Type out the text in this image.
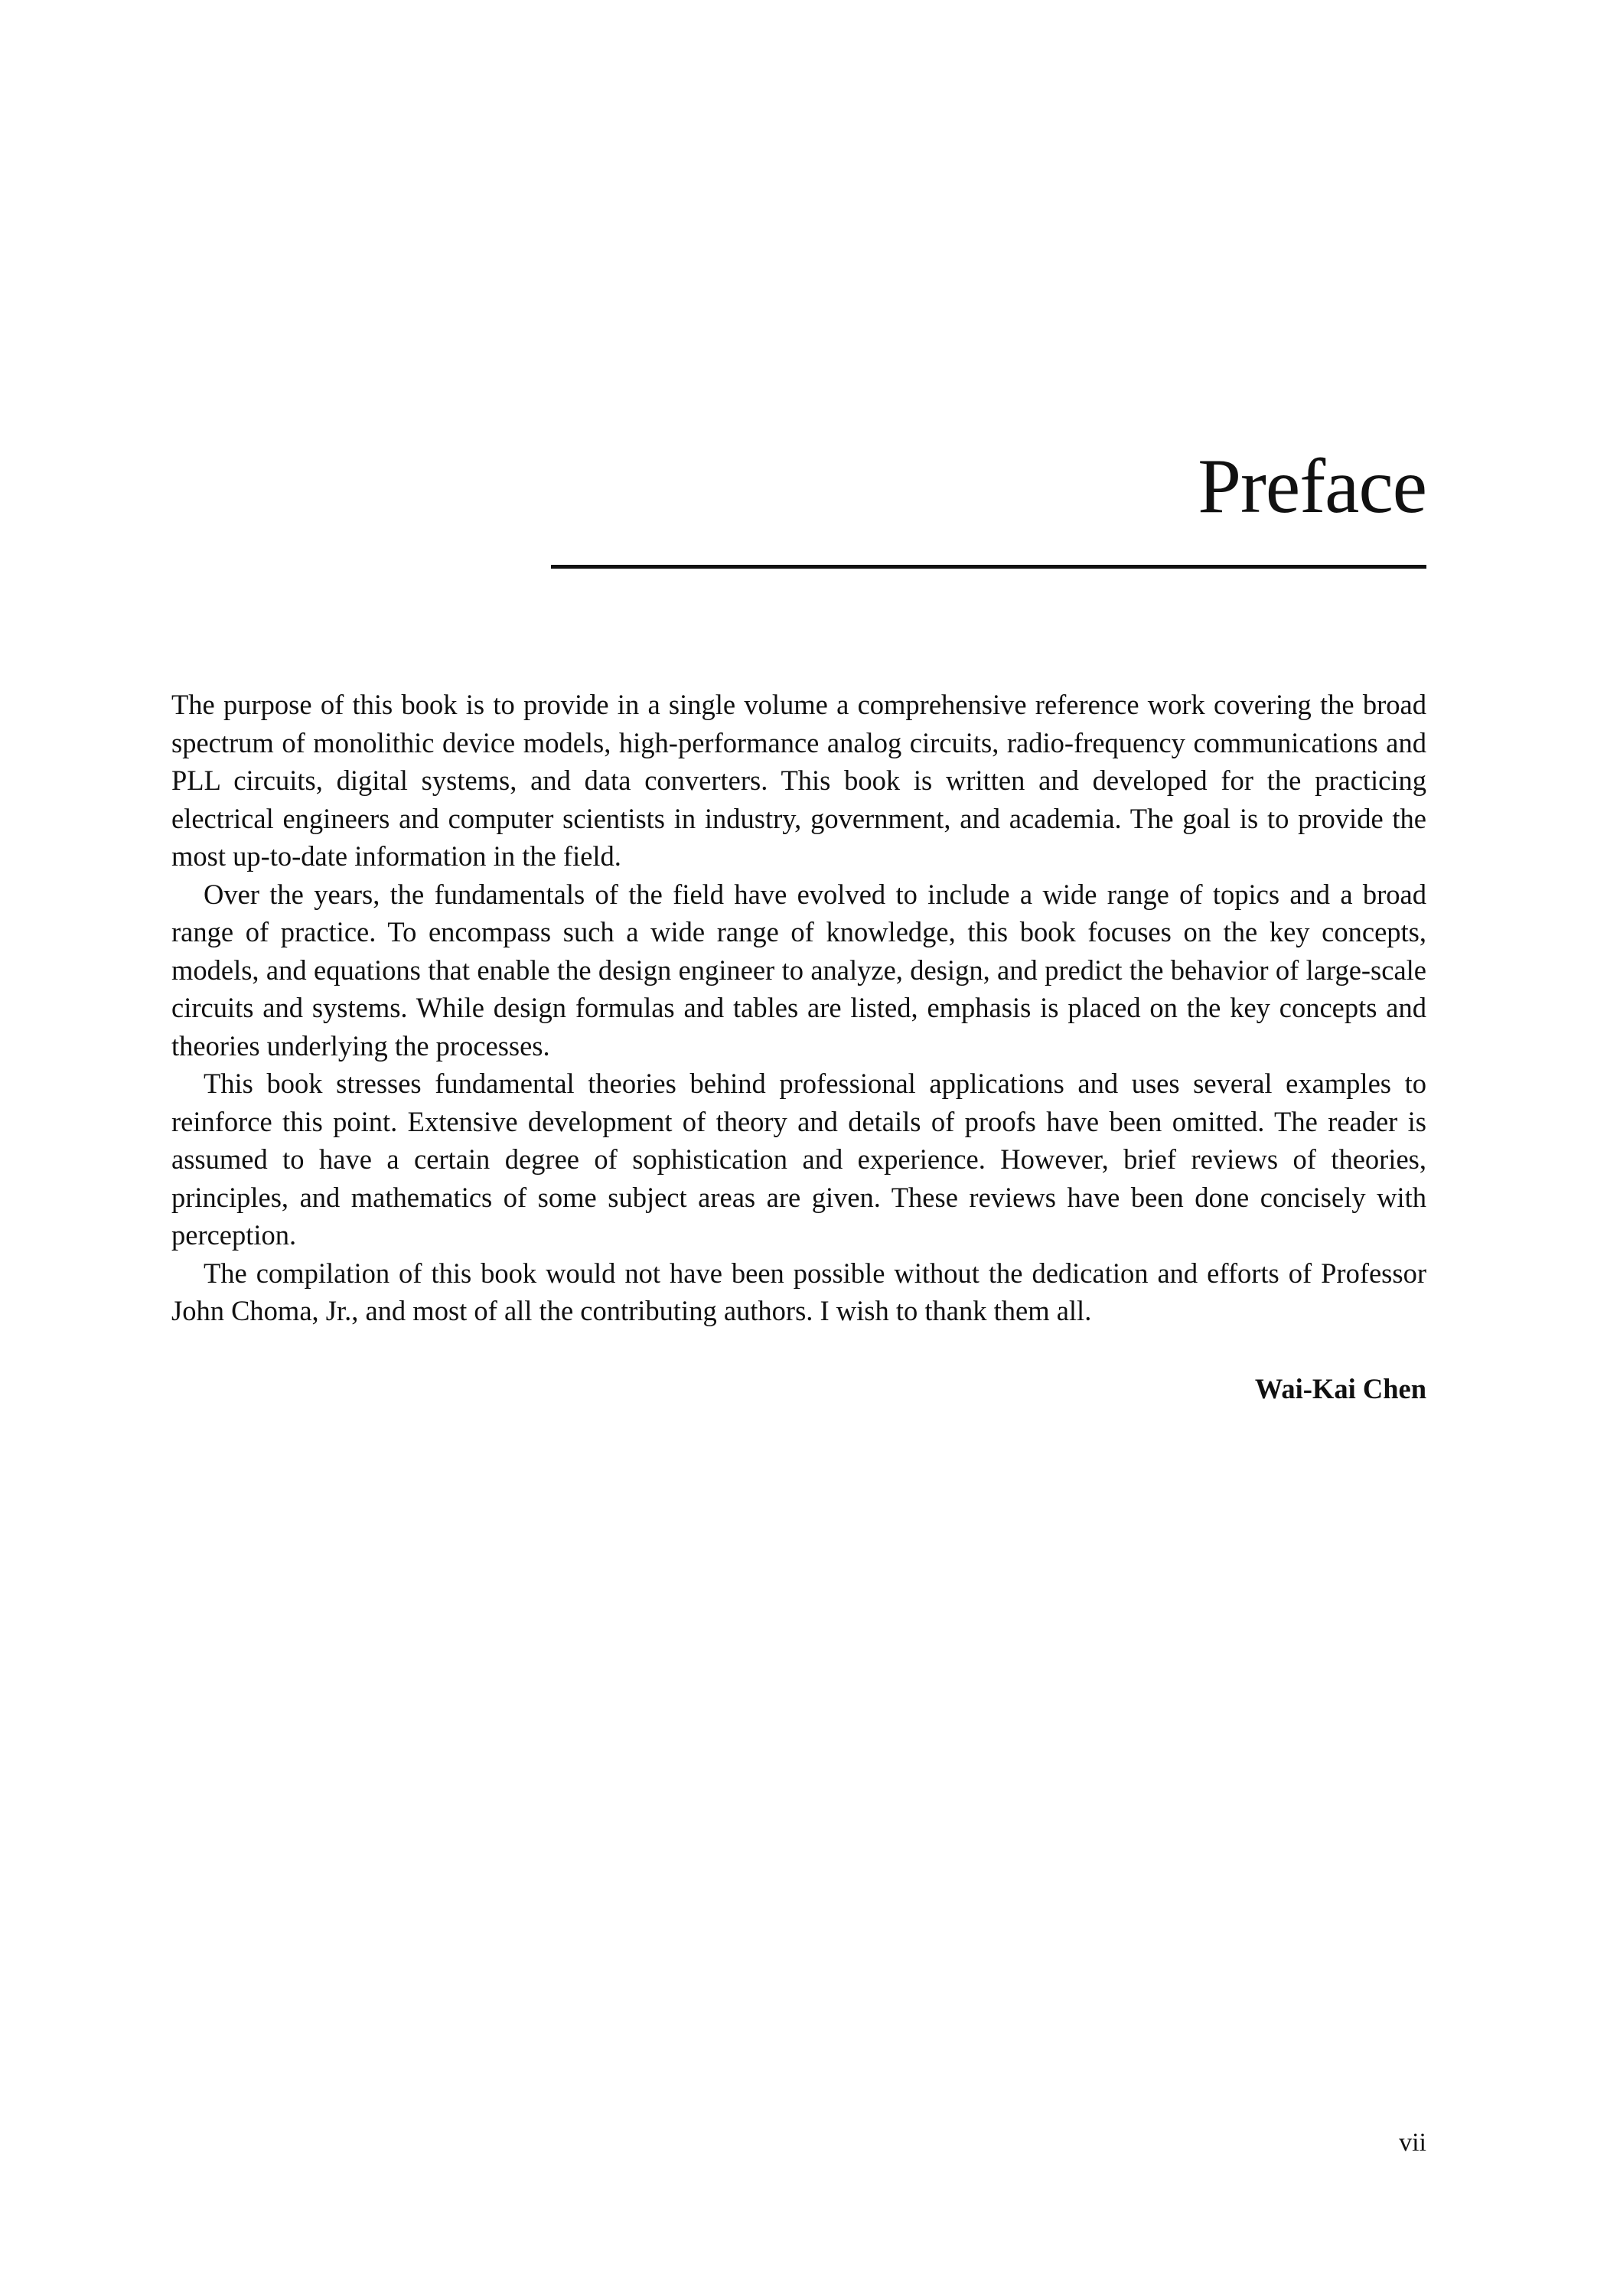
Preface

The purpose of this book is to provide in a single volume a comprehensive reference work covering the broad spectrum of monolithic device models, high-performance analog circuits, radio-frequency communications and PLL circuits, digital systems, and data converters. This book is written and developed for the practicing electrical engineers and computer scientists in industry, government, and academia. The goal is to provide the most up-to-date information in the field.

Over the years, the fundamentals of the field have evolved to include a wide range of topics and a broad range of practice. To encompass such a wide range of knowledge, this book focuses on the key concepts, models, and equations that enable the design engineer to analyze, design, and predict the behavior of large-scale circuits and systems. While design formulas and tables are listed, emphasis is placed on the key concepts and theories underlying the processes.

This book stresses fundamental theories behind professional applications and uses several examples to reinforce this point. Extensive development of theory and details of proofs have been omitted. The reader is assumed to have a certain degree of sophistication and experience. However, brief reviews of theories, principles, and mathematics of some subject areas are given. These reviews have been done concisely with perception.

The compilation of this book would not have been possible without the dedication and efforts of Professor John Choma, Jr., and most of all the contributing authors. I wish to thank them all.

Wai-Kai Chen
vii
